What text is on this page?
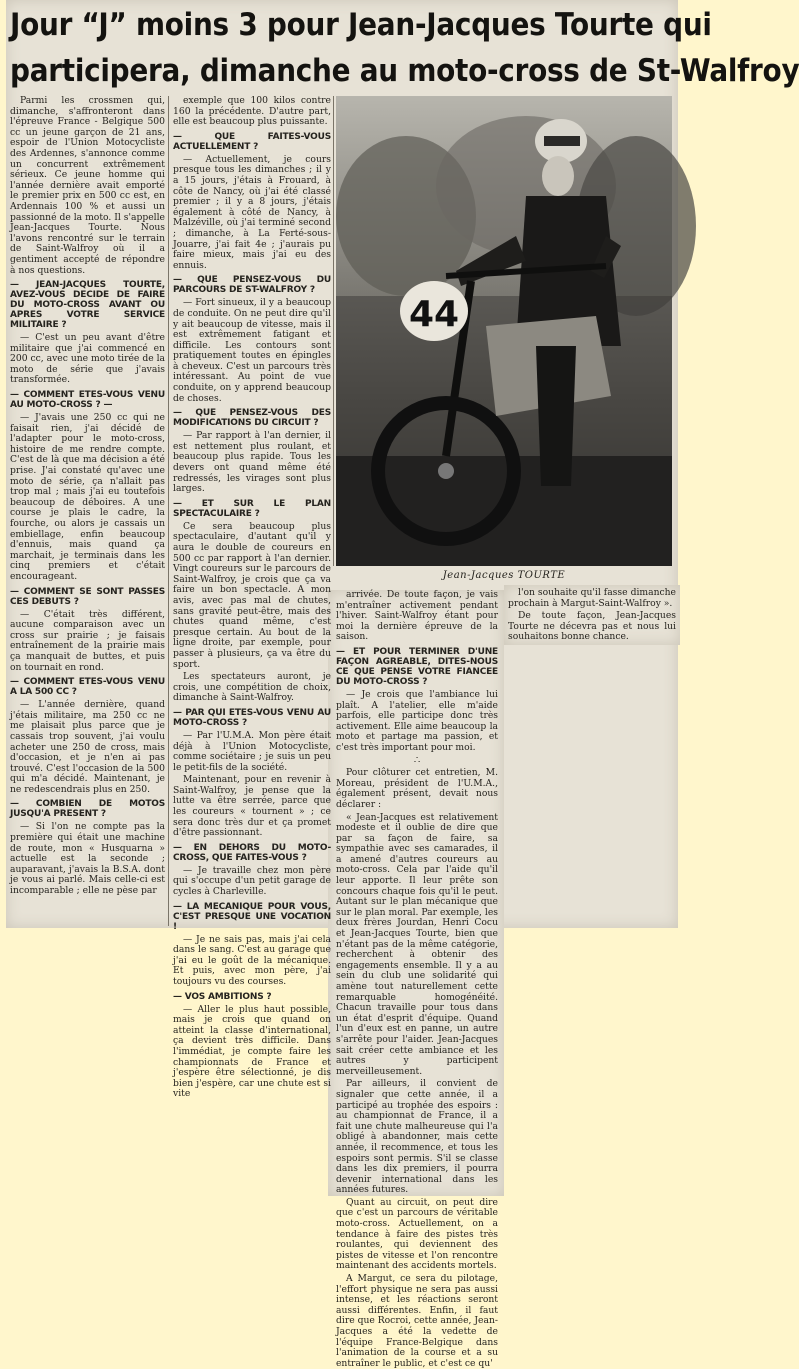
Jour “J” moins 3 pour Jean-Jacques Tourte qui
participera, dimanche au moto-cross de St-Walfroy

Parmi les crossmen qui, dimanche, s'affronteront dans l'épreuve France - Belgique 500 cc un jeune garçon de 21 ans, espoir de l'Union Motocycliste des Ardennes, s'annonce comme un concurrent extrêmement sérieux. Ce jeune homme qui l'année dernière avait emporté le premier prix en 500 cc est, en Ardennais 100 % et aussi un passionné de la moto. Il s'appelle Jean-Jacques Tourte. Nous l'avons rencontré sur le terrain de Saint-Walfroy où il a gentiment accepté de répondre à nos questions.

— JEAN-JACQUES TOURTE, AVEZ-VOUS DECIDE DE FAIRE DU MOTO-CROSS AVANT OU APRES VOTRE SERVICE MILITAIRE ?

— C'est un peu avant d'être militaire que j'ai commencé en 200 cc, avec une moto tirée de la moto de série que j'avais transformée.

— COMMENT ETES-VOUS VENU AU MOTO-CROSS ? —

— J'avais une 250 cc qui ne faisait rien, j'ai décidé de l'adapter pour le moto-cross, histoire de me rendre compte. C'est de là que ma décision a été prise. J'ai constaté qu'avec une moto de série, ça n'allait pas trop mal ; mais j'ai eu toutefois beaucoup de déboires. A une course je plais le cadre, la fourche, ou alors je cassais un embiellage, enfin beaucoup d'ennuis, mais quand ça marchait, je terminais dans les cinq premiers et c'était encourageant.

— COMMENT SE SONT PASSES CES DEBUTS ?

— C'était très différent, aucune comparaison avec un cross sur prairie ; je faisais entraînement de la prairie mais ça manquait de buttes, et puis on tournait en rond.

— COMMENT ETES-VOUS VENU A LA 500 CC ?

— L'année dernière, quand j'étais militaire, ma 250 cc ne me plaisait plus parce que je cassais trop souvent, j'ai voulu acheter une 250 de cross, mais d'occasion, et je n'en ai pas trouvé. C'est l'occasion de la 500 qui m'a décidé. Maintenant, je ne redescendrais plus en 250.

— COMBIEN DE MOTOS JUSQU'A PRESENT ?

— Si l'on ne compte pas la première qui était une machine de route, mon « Husquarna » actuelle est la seconde ; auparavant, j'avais la B.S.A. dont je vous ai parlé. Mais celle-ci est incomparable ; elle ne pèse par

exemple que 100 kilos contre 160 la précédente. D'autre part, elle est beaucoup plus puissante.

— QUE FAITES-VOUS ACTUELLEMENT ?

— Actuellement, je cours presque tous les dimanches ; il y a 15 jours, j'étais à Frouard, à côte de Nancy, où j'ai été classé premier ; il y a 8 jours, j'étais également à côté de Nancy, à Malzéville, où j'ai terminé second ; dimanche, à La Ferté-sous-Jouarre, j'ai fait 4e ; j'aurais pu faire mieux, mais j'ai eu des ennuis.

— QUE PENSEZ-VOUS DU PARCOURS DE ST-WALFROY ?

— Fort sinueux, il y a beaucoup de conduite. On ne peut dire qu'il y ait beaucoup de vitesse, mais il est extrêmement fatigant et difficile. Les contours sont pratiquement toutes en épingles à cheveux. C'est un parcours très intéressant. Au point de vue conduite, on y apprend beaucoup de choses.

— QUE PENSEZ-VOUS DES MODIFICATIONS DU CIRCUIT ?

— Par rapport à l'an dernier, il est nettement plus roulant, et beaucoup plus rapide. Tous les devers ont quand même été redressés, les virages sont plus larges.

— ET SUR LE PLAN SPECTACULAIRE ?

Ce sera beaucoup plus spectaculaire, d'autant qu'il y aura le double de coureurs en 500 cc par rapport à l'an dernier. Vingt coureurs sur le parcours de Saint-Walfroy, je crois que ça va faire un bon spectacle. A mon avis, avec pas mal de chutes, sans gravité peut-être, mais des chutes quand même, c'est presque certain. Au bout de la ligne droite, par exemple, pour passer à plusieurs, ça va être du sport.

Les spectateurs auront, je crois, une compétition de choix, dimanche à Saint-Walfroy.

— PAR QUI ETES-VOUS VENU AU MOTO-CROSS ?

— Par l'U.M.A. Mon père était déjà à l'Union Motocycliste, comme sociétaire ; je suis un peu le petit-fils de la société.

Maintenant, pour en revenir à Saint-Walfroy, je pense que la lutte va être serrée, parce que les coureurs « tournent » ; ce sera donc très dur et ça promet d'être passionnant.

— EN DEHORS DU MOTO-CROSS, QUE FAITES-VOUS ?

— Je travaille chez mon père qui s'occupe d'un petit garage de cycles à Charleville.

— LA MECANIQUE POUR VOUS, C'EST PRESQUE UNE VOCATION !

— Je ne sais pas, mais j'ai cela dans le sang. C'est au garage que j'ai eu le goût de la mécanique. Et puis, avec mon père, j'ai toujours vu des courses.

— VOS AMBITIONS ?

— Aller le plus haut possible, mais je crois que quand on atteint la classe d'international, ça devient très difficile. Dans l'immédiat, je compte faire les championnats de France et j'espère être sélectionné, je dis bien j'espère, car une chute est si vite

44
Jean-Jacques TOURTE

arrivée. De toute façon, je vais m'entraîner activement pendant l'hiver. Saint-Walfroy étant pour moi la dernière épreuve de la saison.

— ET POUR TERMINER D'UNE FAÇON AGREABLE, DITES-NOUS CE QUE PENSE VOTRE FIANCEE DU MOTO-CROSS ?

— Je crois que l'ambiance lui plaît. A l'atelier, elle m'aide parfois, elle participe donc très activement. Elle aime beaucoup la moto et partage ma passion, et c'est très important pour moi.

∴

Pour clôturer cet entretien, M. Moreau, président de l'U.M.A., également présent, devait nous déclarer :

« Jean-Jacques est relativement modeste et il oublie de dire que par sa façon de faire, sa sympathie avec ses camarades, il a amené d'autres coureurs au moto-cross. Cela par l'aide qu'il leur apporte. Il leur prête son concours chaque fois qu'il le peut. Autant sur le plan mécanique que sur le plan moral. Par exemple, les deux frères Jourdan, Henri Cocu et Jean-Jacques Tourte, bien que n'étant pas de la même catégorie, recherchent à obtenir des engagements ensemble. Il y a au sein du club une solidarité qui amène tout naturellement cette remarquable homogénéité. Chacun travaille pour tous dans un état d'esprit d'équipe. Quand l'un d'eux est en panne, un autre s'arrête pour l'aider. Jean-Jacques sait créer cette ambiance et les autres y participent merveilleusement.

Par ailleurs, il convient de signaler que cette année, il a participé au trophée des espoirs : au championnat de France, il a fait une chute malheureuse qui l'a obligé à abandonner, mais cette année, il recommence, et tous les espoirs sont permis. S'il se classe dans les dix premiers, il pourra devenir international dans les années futures.

Quant au circuit, on peut dire que c'est un parcours de véritable moto-cross. Actuellement, on a tendance à faire des pistes très roulantes, qui deviennent des pistes de vitesse et l'on rencontre maintenant des accidents mortels.

A Margut, ce sera du pilotage, l'effort physique ne sera pas aussi intense, et les réactions seront aussi différentes. Enfin, il faut dire que Rocroi, cette année, Jean-Jacques a été la vedette de l'équipe France-Belgique dans l'animation de la course et a su entraîner le public, et c'est ce qu'

l'on souhaite qu'il fasse dimanche prochain à Margut-Saint-Walfroy ».

De toute façon, Jean-Jacques Tourte ne décevra pas et nous lui souhaitons bonne chance.
